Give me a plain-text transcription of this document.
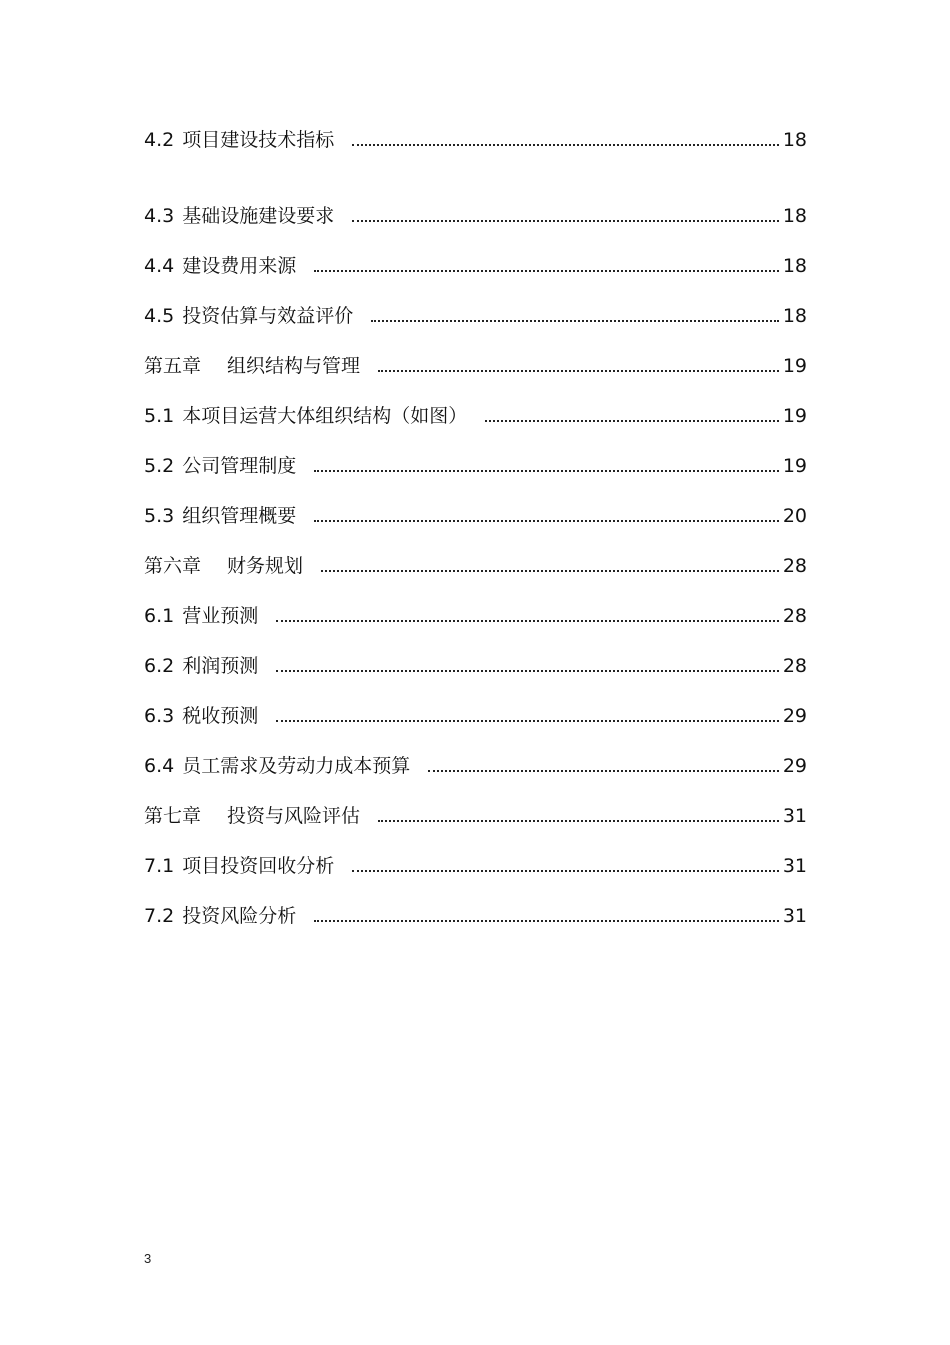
4.2 项目建设技术指标	18
4.3 基础设施建设要求	18
4.4 建设费用来源	18
4.5 投资估算与效益评价	18
第五章 组织结构与管理	19
5.1 本项目运营大体组织结构（如图）	19
5.2 公司管理制度	19
5.3 组织管理概要	20
第六章 财务规划	28
6.1 营业预测	28
6.2 利润预测	28
6.3 税收预测	29
6.4 员工需求及劳动力成本预算	29
第七章 投资与风险评估	31
7.1 项目投资回收分析	31
7.2 投资风险分析	31
3
